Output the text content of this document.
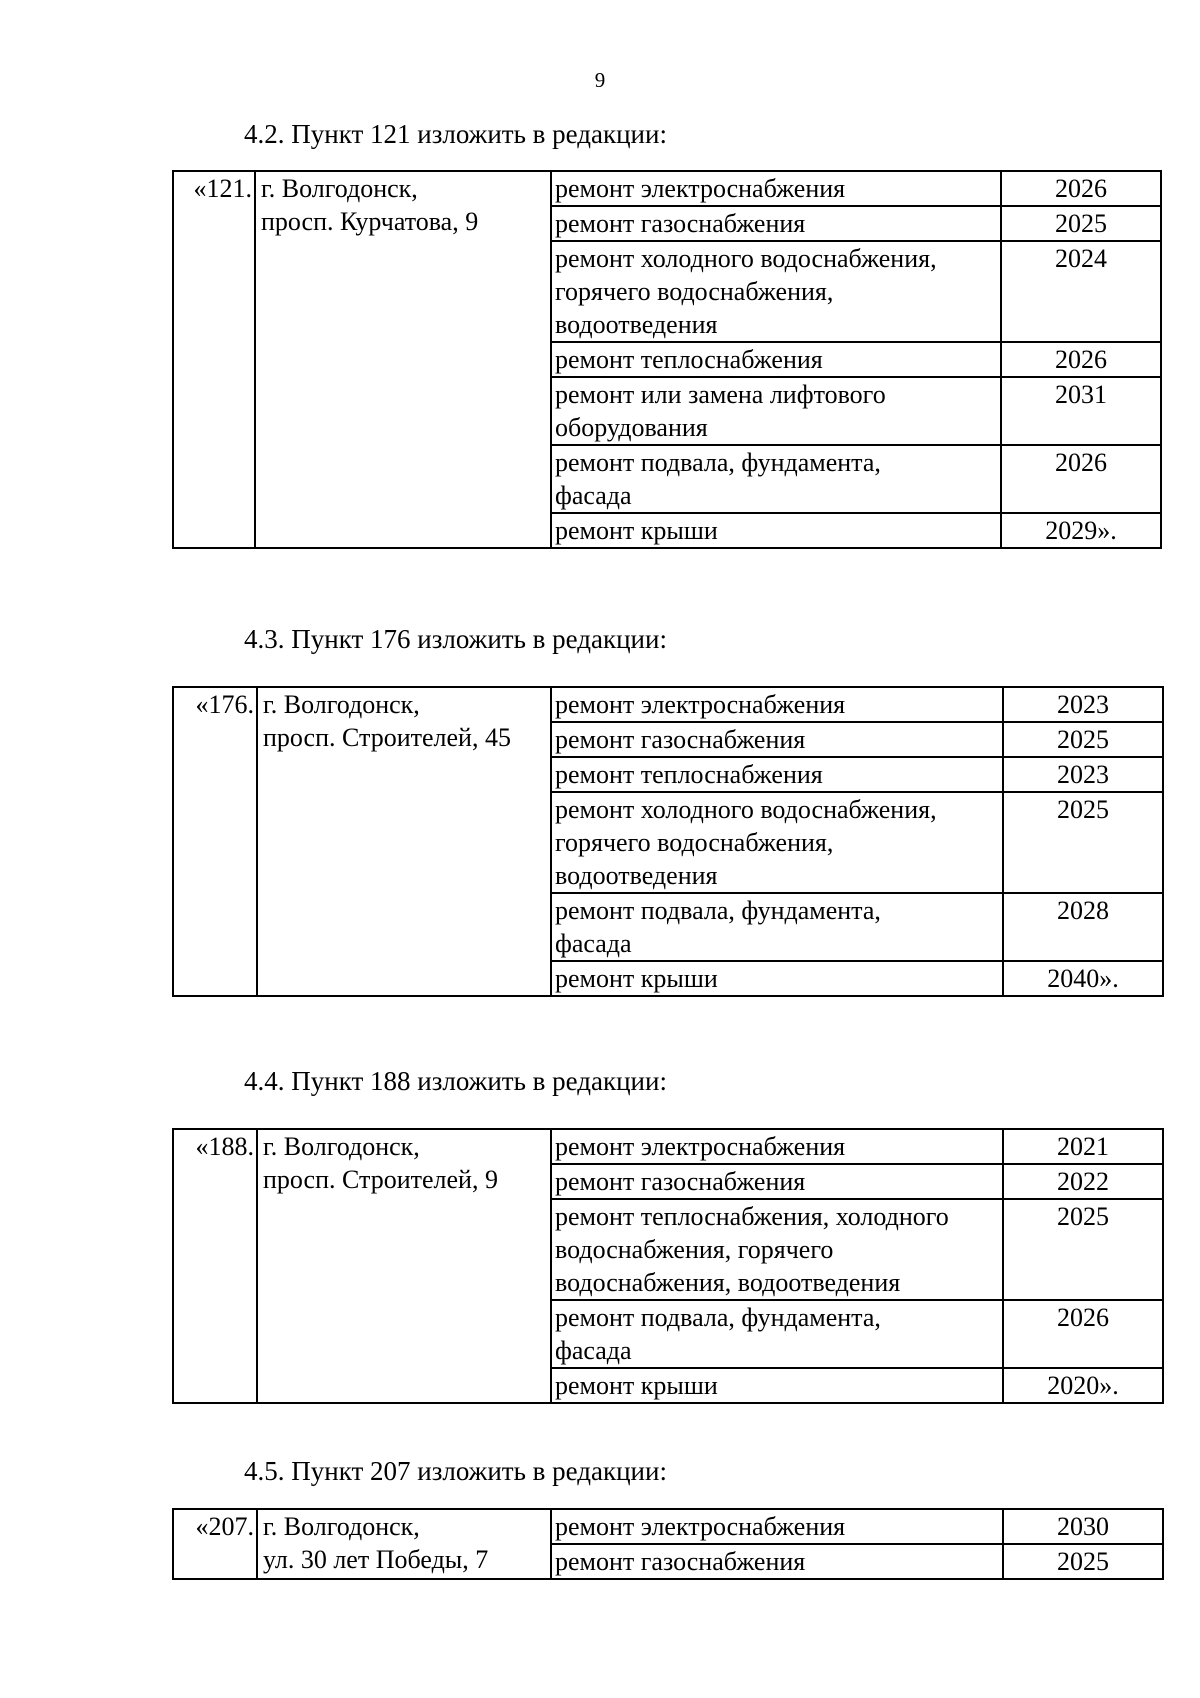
9
4.2. Пункт 121 изложить в редакции:
«121.	г. Волгодонск,
просп. Курчатова, 9	ремонт электроснабжения	2026

		ремонт газоснабжения	2025

		ремонт холодного водоснабжения,
горячего водоснабжения,
водоотведения	2024

		ремонт теплоснабжения	2026

		ремонт или замена лифтового
оборудования	2031

		ремонт подвала, фундамента,
фасада	2026

		ремонт крыши	2029».
4.3. Пункт 176 изложить в редакции:
«176.	г. Волгодонск,
просп. Строителей, 45	ремонт электроснабжения	2023

		ремонт газоснабжения	2025

		ремонт теплоснабжения	2023

		ремонт холодного водоснабжения,
горячего водоснабжения,
водоотведения	2025

		ремонт подвала, фундамента,
фасада	2028

		ремонт крыши	2040».
4.4. Пункт 188 изложить в редакции:
«188.	г. Волгодонск,
просп. Строителей, 9	ремонт электроснабжения	2021

		ремонт газоснабжения	2022

		ремонт теплоснабжения, холодного
водоснабжения, горячего
водоснабжения, водоотведения	2025

		ремонт подвала, фундамента,
фасада	2026

		ремонт крыши	2020».
4.5. Пункт 207 изложить в редакции:
«207.	г. Волгодонск,
ул. 30 лет Победы, 7	ремонт электроснабжения	2030

		ремонт газоснабжения	2025
